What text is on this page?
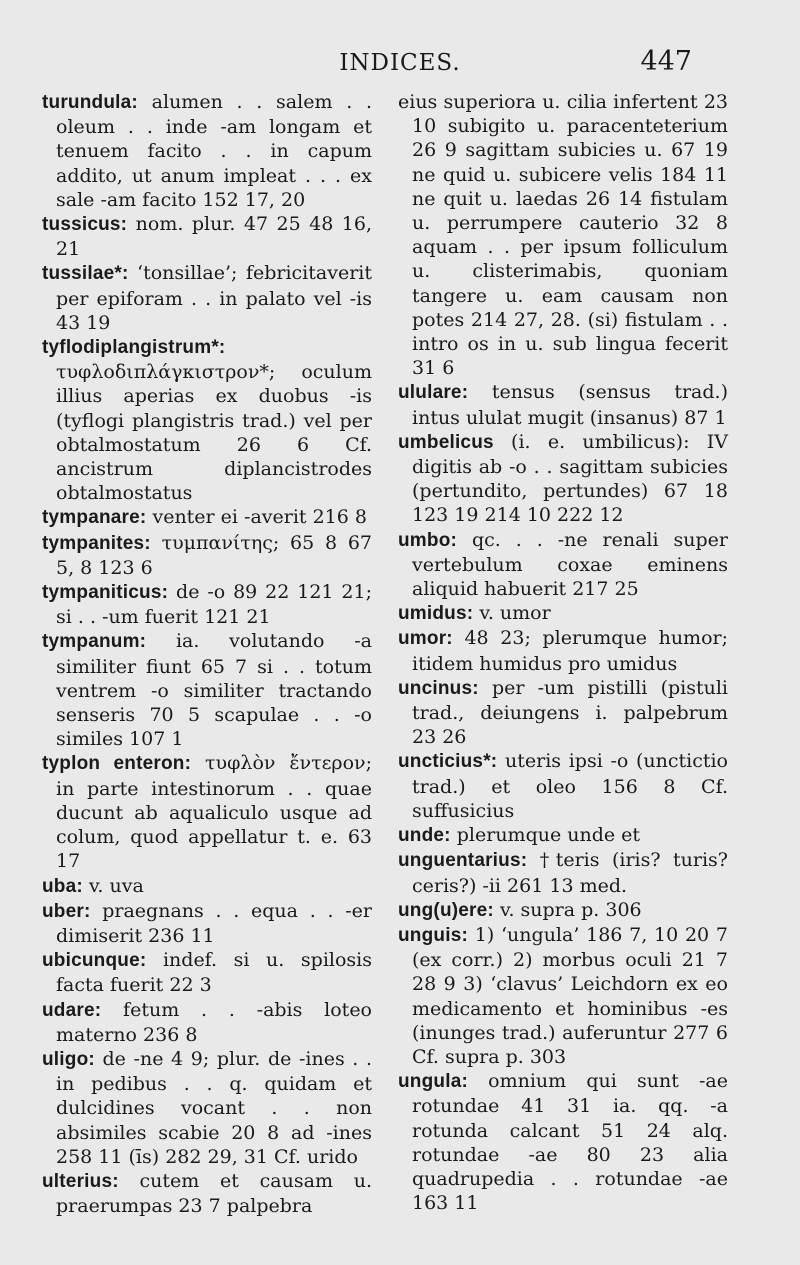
INDICES.	447
turundula: alumen . . salem . . oleum . . inde -am longam et tenuem facito . . in capum addito, ut anum impleat . . . ex sale -am facito 152 17, 20
tussicus: nom. plur. 47 25 48 16, 21
tussilae*: ‘tonsillae’; febricitaverit per epiforam . . in palato vel -is 43 19
tyflodiplangistrum*: τυφλοδιπλάγκιστρον*; oculum illius aperias ex duobus -is (tyflogi plangistris trad.) vel per obtalmostatum 26 6 Cf. ancistrum diplancistrodes obtalmostatus
tympanare: venter ei -averit 216 8
tympanites: τυμπανίτης; 65 8 67 5, 8 123 6
tympaniticus: de -o 89 22 121 21; si . . -um fuerit 121 21
tympanum: ia. volutando -a similiter fiunt 65 7 si . . totum ventrem -o similiter tractando senseris 70 5 scapulae . . -o similes 107 1
typlon enteron: τυφλὸν ἔντερον; in parte intestinorum . . quae ducunt ab aqualiculo usque ad colum, quod appellatur t. e. 63 17
uba: v. uva
uber: praegnans . . equa . . -er dimiserit 236 11
ubicunque: indef. si u. spilosis facta fuerit 22 3
udare: fetum . . -abis loteo materno 236 8
uligo: de -ne 4 9; plur. de -ines . . in pedibus . . q. quidam et dulcidines vocant . . non absimiles scabie 20 8 ad -ines 258 11 (īs) 282 29, 31 Cf. urido
ulterius: cutem et causam u. praerumpas 23 7 palpebra
eius superiora u. cilia infertent 23 10 subigito u. paracenteterium 26 9 sagittam subicies u. 67 19 ne quid u. subicere velis 184 11 ne quit u. laedas 26 14 fistulam u. perrumpere cauterio 32 8 aquam . . per ipsum folliculum u. clisterimabis, quoniam tangere u. eam causam non potes 214 27, 28. (si) fistulam . . intro os in u. sub lingua fecerit 31 6
ululare: tensus (sensus trad.) intus ululat mugit (insanus) 87 1
umbelicus (i. e. umbilicus): IV digitis ab -o . . sagittam subicies (pertundito, pertundes) 67 18 123 19 214 10 222 12
umbo: qc. . . -ne renali super vertebulum coxae eminens aliquid habuerit 217 25
umidus: v. umor
umor: 48 23; plerumque humor; itidem humidus pro umidus
uncinus: per -um pistilli (pistuli trad., deiungens i. palpebrum 23 26
uncticius*: uteris ipsi -o (unctictio trad.) et oleo 156 8 Cf. suffusicius
unde: plerumque unde et
unguentarius: †teris (iris? turis? ceris?) -ii 261 13 med.
ung(u)ere: v. supra p. 306
unguis: 1) ‘ungula’ 186 7, 10 20 7 (ex corr.) 2) morbus oculi 21 7 28 9 3) ‘clavus’ Leichdorn ex eo medicamento et hominibus -es (inunges trad.) auferuntur 277 6 Cf. supra p. 303
ungula: omnium qui sunt -ae rotundae 41 31 ia. qq. -a rotunda calcant 51 24 alq. rotundae -ae 80 23 alia quadrupedia . . rotundae -ae 163 11
